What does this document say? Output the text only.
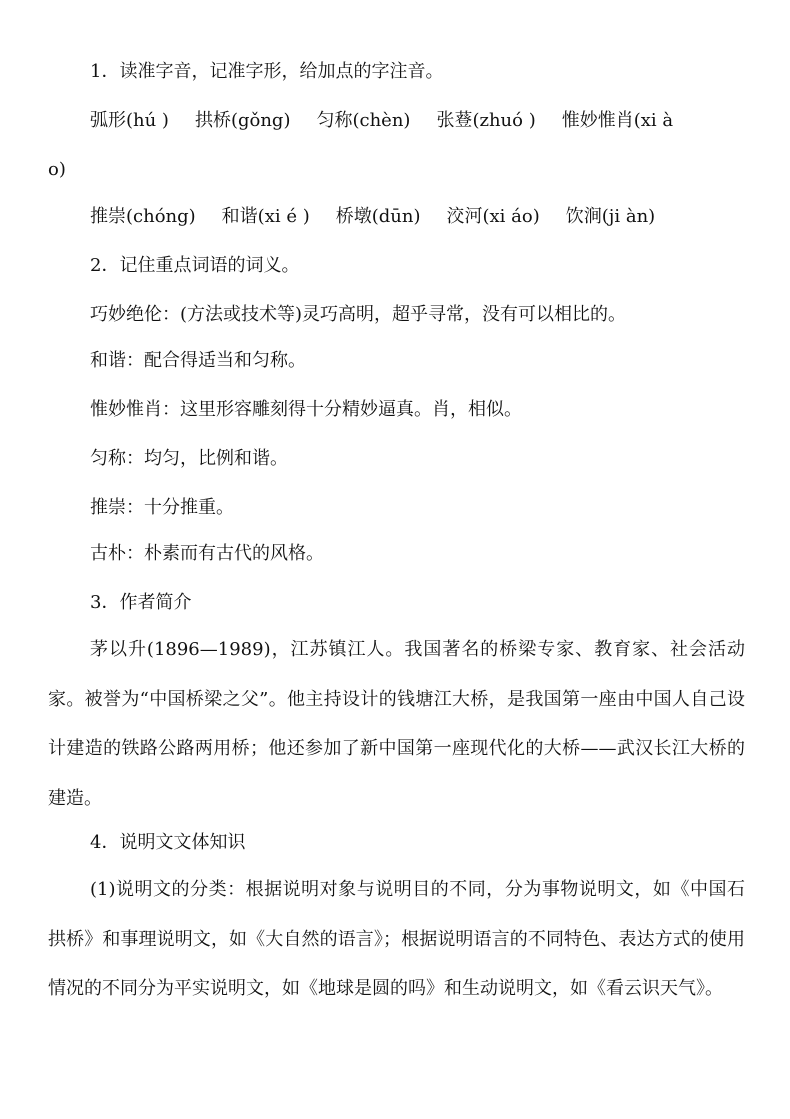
1．读准字音，记准字形，给加点的字注音。
弧形(hú ) 拱桥(gǒng) 匀称(chèn) 张䔲(zhuó ) 惟妙惟肖(xi à
o)
推崇(chóng) 和谐(xi é ) 桥墩(dūn) 洨河(xi áo) 饮涧(ji àn)
2．记住重点词语的词义。
巧妙绝伦：(方法或技术等)灵巧高明，超乎寻常，没有可以相比的。
和谐：配合得适当和匀称。
惟妙惟肖：这里形容雕刻得十分精妙逼真。肖，相似。
匀称：均匀，比例和谐。
推崇：十分推重。
古朴：朴素而有古代的风格。
3．作者简介
茅以升(1896—1989)，江苏镇江人。我国著名的桥梁专家、教育家、社会活动家。被誉为“中国桥梁之父”。他主持设计的钱塘江大桥，是我国第一座由中国人自己设计建造的铁路公路两用桥；他还参加了新中国第一座现代化的大桥——武汉长江大桥的建造。
4．说明文文体知识
(1)说明文的分类：根据说明对象与说明目的不同，分为事物说明文，如《中国石拱桥》和事理说明文，如《大自然的语言》；根据说明语言的不同特色、表达方式的使用情况的不同分为平实说明文，如《地球是圆的吗》和生动说明文，如《看云识天气》。
